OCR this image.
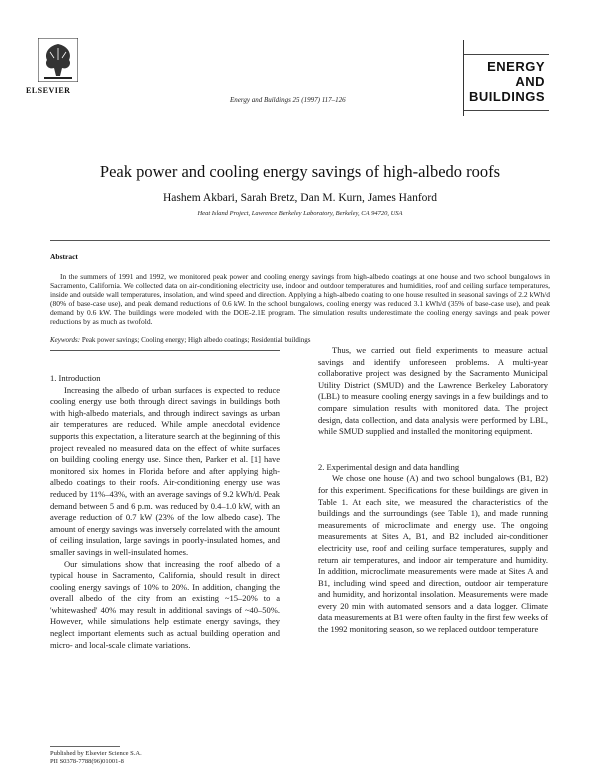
ELSEVIER
Energy and Buildings 25 (1997) 117–126
ENERGY
AND
BUILDINGS
Peak power and cooling energy savings of high-albedo roofs
Hashem Akbari, Sarah Bretz, Dan M. Kurn, James Hanford
Heat Island Project, Lawrence Berkeley Laboratory, Berkeley, CA 94720, USA
Abstract

In the summers of 1991 and 1992, we monitored peak power and cooling energy savings from high-albedo coatings at one house and two school bungalows in Sacramento, California. We collected data on air-conditioning electricity use, indoor and outdoor temperatures and humidities, roof and ceiling surface temperatures, inside and outside wall temperatures, insolation, and wind speed and direction. Applying a high-albedo coating to one house resulted in seasonal savings of 2.2 kWh/d (80% of base-case use), and peak demand reductions of 0.6 kW. In the school bungalows, cooling energy was reduced 3.1 kWh/d (35% of base-case use), and peak demand by 0.6 kW. The buildings were modeled with the DOE-2.1E program. The simulation results underestimate the cooling energy savings and peak power reductions by as much as twofold.

Keywords: Peak power savings; Cooling energy; High albedo coatings; Residential buildings

1. Introduction

Increasing the albedo of urban surfaces is expected to reduce cooling energy use both through direct savings in buildings both with high-albedo materials, and through indirect savings as urban air temperatures are reduced. While ample anecdotal evidence supports this expectation, a literature search at the beginning of this project revealed no measured data on the effect of white surfaces on building cooling energy use. Since then, Parker et al. [1] have monitored six homes in Florida before and after applying high-albedo coatings to their roofs. Air-conditioning energy use was reduced by 11%–43%, with an average savings of 9.2 kWh/d. Peak demand between 5 and 6 p.m. was reduced by 0.4–1.0 kW, with an average reduction of 0.7 kW (23% of the low albedo case). The amount of energy savings was inversely correlated with the amount of ceiling insulation, large savings in poorly-insulated homes, and smaller savings in well-insulated homes.

Our simulations show that increasing the roof albedo of a typical house in Sacramento, California, should result in direct cooling energy savings of 10% to 20%. In addition, changing the overall albedo of the city from an existing ~15–20% to a 'whitewashed' 40% may result in additional savings of ~40–50%. However, while simulations help estimate energy savings, they neglect important elements such as actual building operation and micro- and local-scale climate variations.

Thus, we carried out field experiments to measure actual savings and identify unforeseen problems. A multi-year collaborative project was designed by the Sacramento Municipal Utility District (SMUD) and the Lawrence Berkeley Laboratory (LBL) to measure cooling energy savings in a few buildings and to compare simulation results with monitored data. The project design, data collection, and data analysis were performed by LBL, while SMUD supplied and installed the monitoring equipment.

2. Experimental design and data handling

We chose one house (A) and two school bungalows (B1, B2) for this experiment. Specifications for these buildings are given in Table 1. At each site, we measured the characteristics of the buildings and the surroundings (see Table 1), and made running measurements of microclimate and energy use. The ongoing measurements at Sites A, B1, and B2 included air-conditioner electricity use, roof and ceiling surface temperatures, supply and return air temperatures, and indoor air temperature and humidity. In addition, microclimate measurements were made at Sites A and B1, including wind speed and direction, outdoor air temperature and humidity, and horizontal insolation. Measurements were made every 20 min with automated sensors and a data logger. Climate data measurements at B1 were often faulty in the first few weeks of the 1992 monitoring season, so we replaced outdoor temperature

Published by Elsevier Science S.A.
PII S0378-7788(96)01001-8
